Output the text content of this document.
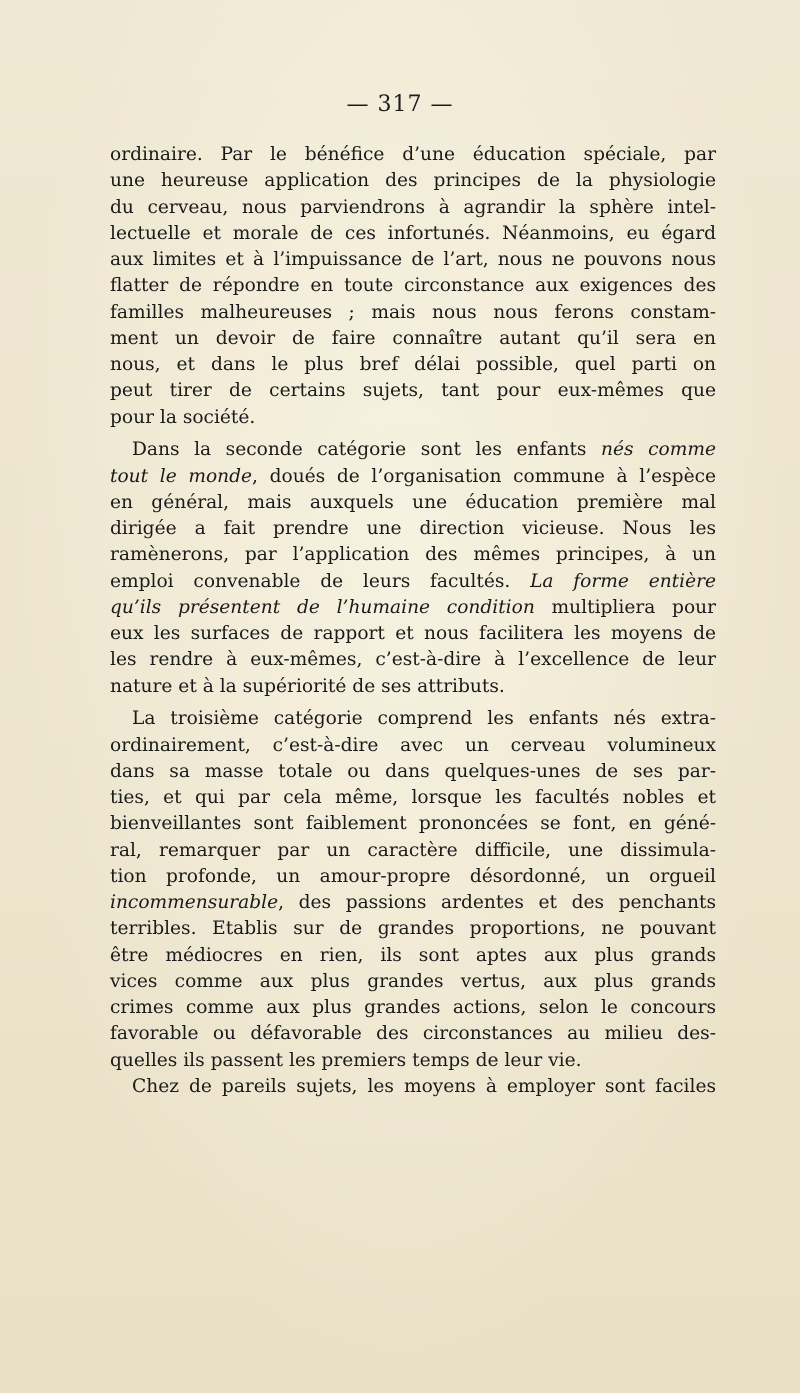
— 317 —
ordinaire. Par le bénéfice d’une éducation spéciale, par
une heureuse application des principes de la physiologie
du cerveau, nous parviendrons à agrandir la sphère intel-
lectuelle et morale de ces infortunés. Néanmoins, eu égard
aux limites et à l’impuissance de l’art, nous ne pouvons nous
flatter de répondre en toute circonstance aux exigences des
familles malheureuses ; mais nous nous ferons constam-
ment un devoir de faire connaître autant qu’il sera en
nous, et dans le plus bref délai possible, quel parti on
peut tirer de certains sujets, tant pour eux-mêmes que
pour la société.
Dans la seconde catégorie sont les enfants nés comme
tout le monde, doués de l’organisation commune à l’espèce
en général, mais auxquels une éducation première mal
dirigée a fait prendre une direction vicieuse. Nous les
ramènerons, par l’application des mêmes principes, à un
emploi convenable de leurs facultés. La forme entière
qu’ils présentent de l’humaine condition multipliera pour
eux les surfaces de rapport et nous facilitera les moyens de
les rendre à eux-mêmes, c’est-à-dire à l’excellence de leur
nature et à la supériorité de ses attributs.
La troisième catégorie comprend les enfants nés extra-
ordinairement, c’est-à-dire avec un cerveau volumineux
dans sa masse totale ou dans quelques-unes de ses par-
ties, et qui par cela même, lorsque les facultés nobles et
bienveillantes sont faiblement prononcées se font, en géné-
ral, remarquer par un caractère difficile, une dissimula-
tion profonde, un amour-propre désordonné, un orgueil
incommensurable, des passions ardentes et des penchants
terribles. Etablis sur de grandes proportions, ne pouvant
être médiocres en rien, ils sont aptes aux plus grands
vices comme aux plus grandes vertus, aux plus grands
crimes comme aux plus grandes actions, selon le concours
favorable ou défavorable des circonstances au milieu des-
quelles ils passent les premiers temps de leur vie.
Chez de pareils sujets, les moyens à employer sont faciles
